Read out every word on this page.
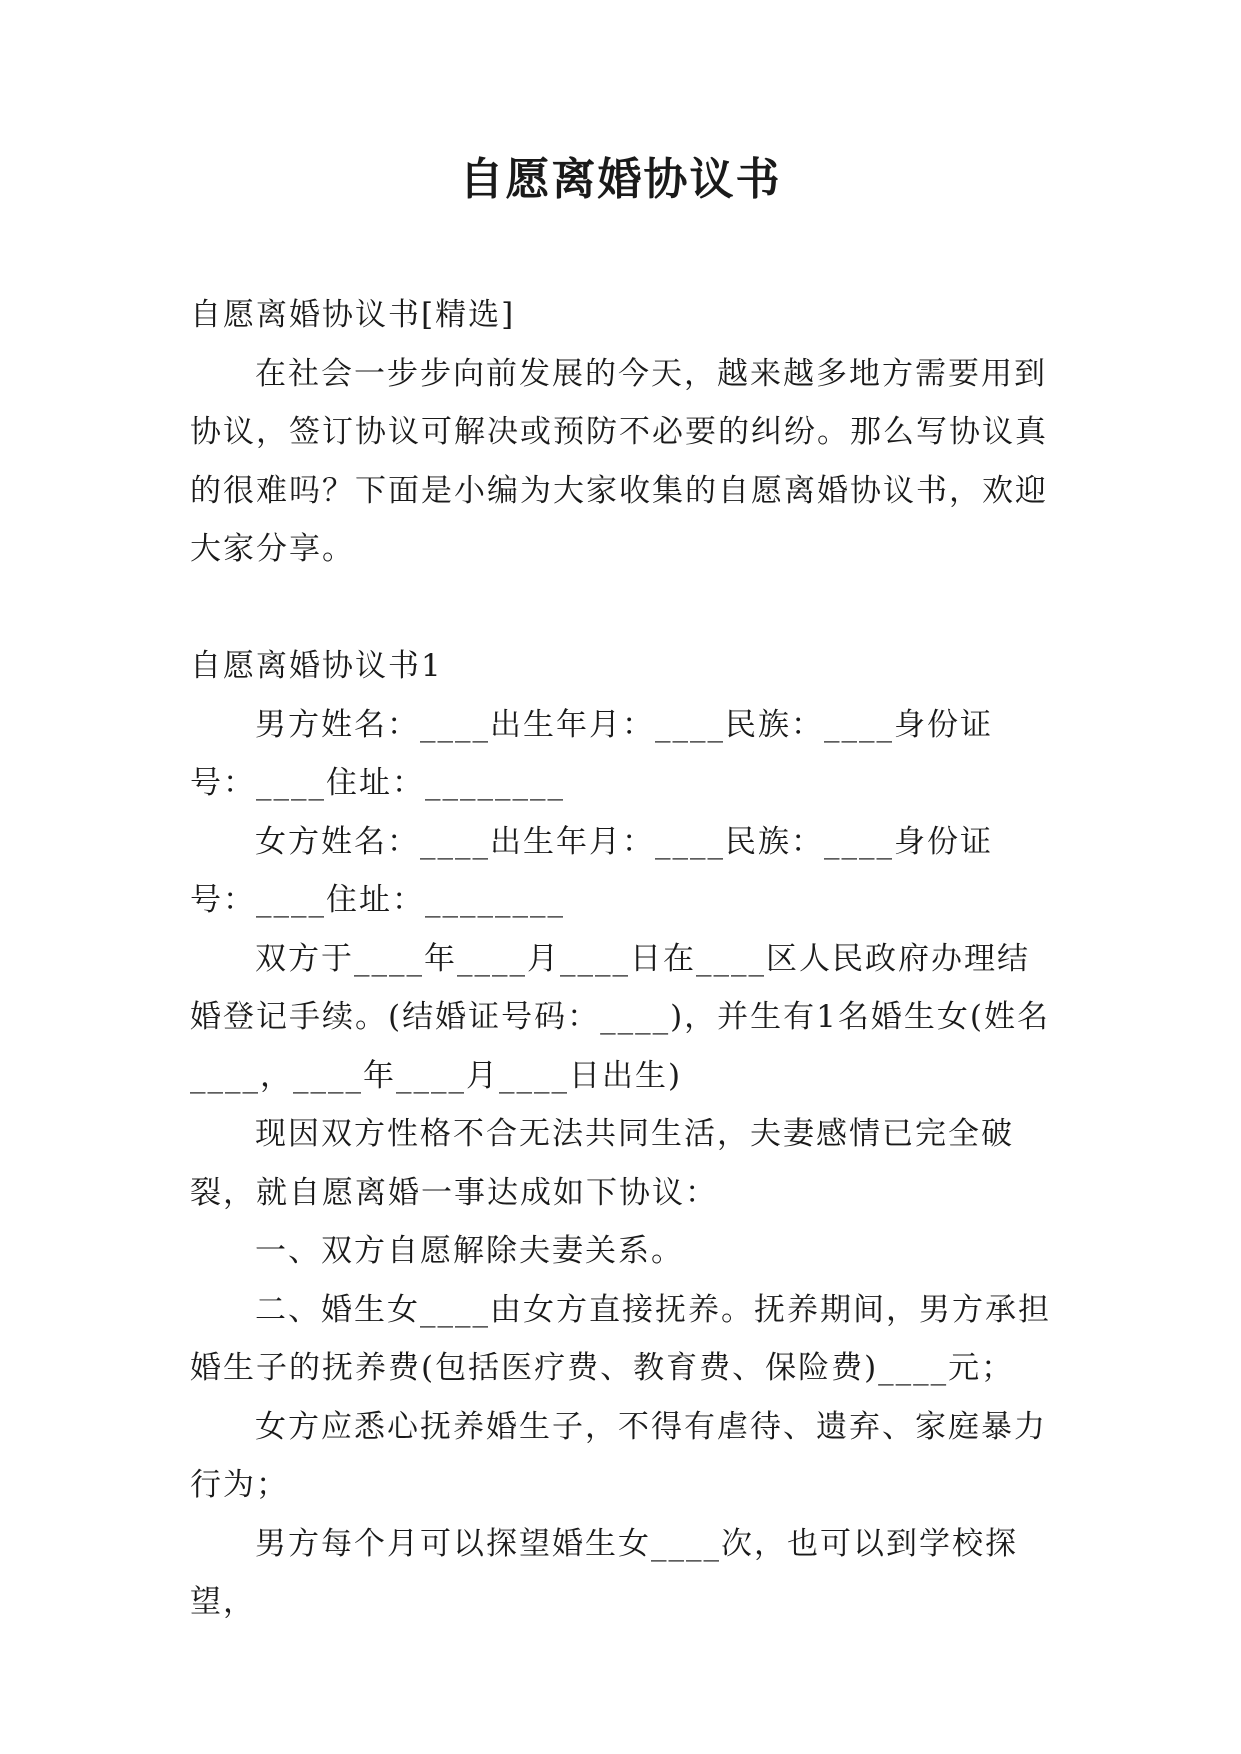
自愿离婚协议书

自愿离婚协议书[精选]

在社会一步步向前发展的今天，越来越多地方需要用到协议，签订协议可解决或预防不必要的纠纷。那么写协议真的很难吗？下面是小编为大家收集的自愿离婚协议书，欢迎大家分享。

自愿离婚协议书1

男方姓名：____出生年月：____民族：____身份证号：____住址：________

女方姓名：____出生年月：____民族：____身份证号：____住址：________

双方于____年____月____日在____区人民政府办理结婚登记手续。(结婚证号码：____)，并生有1名婚生女(姓名____，____年____月____日出生)

现因双方性格不合无法共同生活，夫妻感情已完全破裂，就自愿离婚一事达成如下协议：

一、双方自愿解除夫妻关系。

二、婚生女____由女方直接抚养。抚养期间，男方承担婚生子的抚养费(包括医疗费、教育费、保险费)____元；

女方应悉心抚养婚生子，不得有虐待、遗弃、家庭暴力行为；

男方每个月可以探望婚生女____次，也可以到学校探望，
